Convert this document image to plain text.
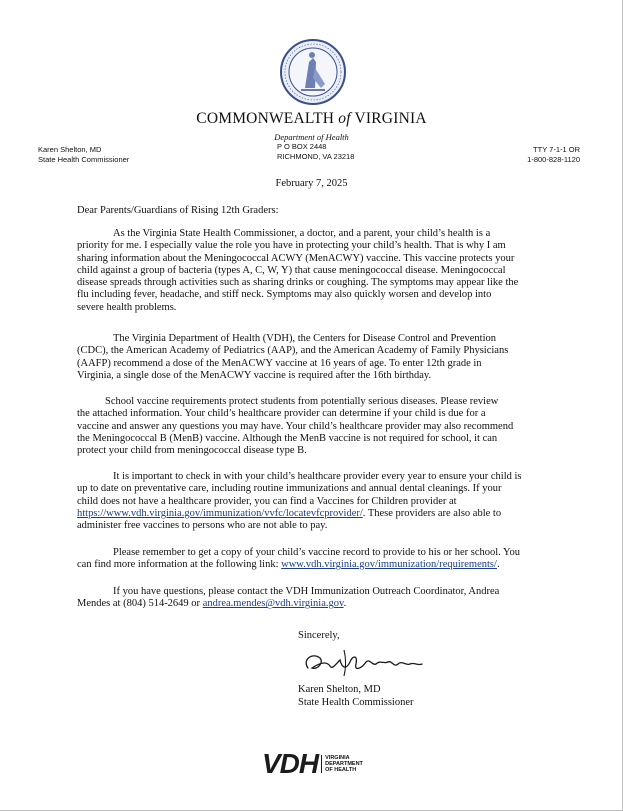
COMMONWEALTH of VIRGINIA
Department of Health
P O BOX 2448
RICHMOND, VA 23218
Karen Shelton, MD
State Health Commissioner
TTY 7-1-1 OR
1-800-828-1120
February 7, 2025
Dear Parents/Guardians of Rising 12th Graders:
As the Virginia State Health Commissioner, a doctor, and a parent, your child’s health is a
priority for me. I especially value the role you have in protecting your child’s health. That is why I am
sharing information about the Meningococcal ACWY (MenACWY) vaccine. This vaccine protects your
child against a group of bacteria (types A, C, W, Y) that cause meningococcal disease. Meningococcal
disease spreads through activities such as sharing drinks or coughing. The symptoms may appear like the
flu including fever, headache, and stiff neck. Symptoms may also quickly worsen and develop into
severe health problems.
The Virginia Department of Health (VDH), the Centers for Disease Control and Prevention
(CDC), the American Academy of Pediatrics (AAP), and the American Academy of Family Physicians
(AAFP) recommend a dose of the MenACWY vaccine at 16 years of age. To enter 12th grade in
Virginia, a single dose of the MenACWY vaccine is required after the 16th birthday.
School vaccine requirements protect students from potentially serious diseases. Please review
the attached information. Your child’s healthcare provider can determine if your child is due for a
vaccine and answer any questions you may have. Your child’s healthcare provider may also recommend
the Meningococcal B (MenB) vaccine. Although the MenB vaccine is not required for school, it can
protect your child from meningococcal disease type B.
It is important to check in with your child’s healthcare provider every year to ensure your child is
up to date on preventative care, including routine immunizations and annual dental cleanings. If your
child does not have a healthcare provider, you can find a Vaccines for Children provider at
https://www.vdh.virginia.gov/immunization/vvfc/locatevfcprovider/. These providers are also able to
administer free vaccines to persons who are not able to pay.
Please remember to get a copy of your child’s vaccine record to provide to his or her school. You
can find more information at the following link: www.vdh.virginia.gov/immunization/requirements/.
If you have questions, please contact the VDH Immunization Outreach Coordinator, Andrea
Mendes at (804) 514-2649 or andrea.mendes@vdh.virginia.gov.
Sincerely,
Karen Shelton, MD
State Health Commissioner
VDH VIRGINIA
DEPARTMENT
OF HEALTH
